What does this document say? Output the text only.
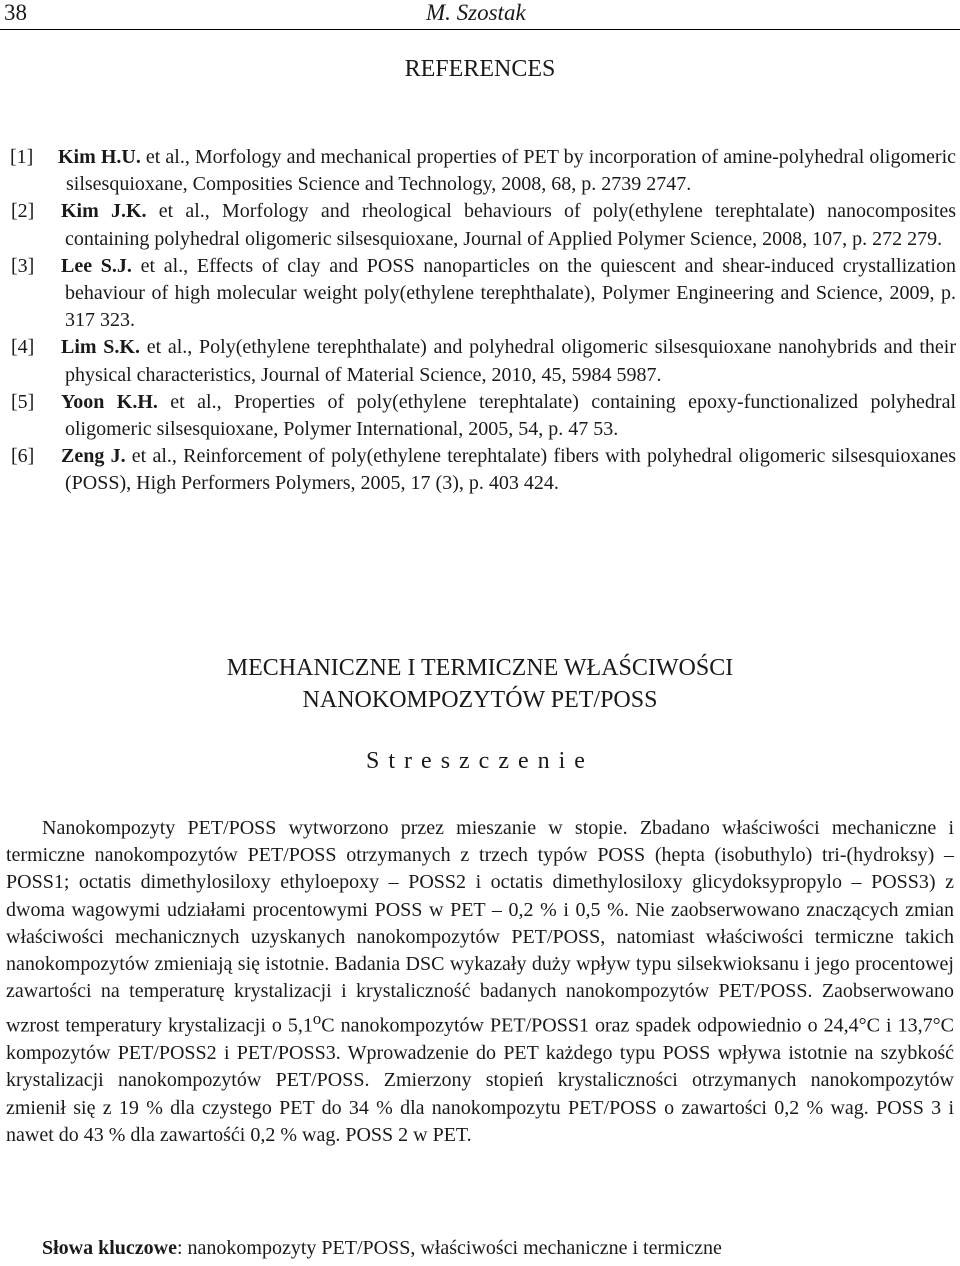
38	M. Szostak
REFERENCES
[1] Kim H.U. et al., Morfology and mechanical properties of PET by incorporation of amine-polyhedral oligomeric silsesquioxane, Composities Science and Technology, 2008, 68, p. 2739 2747.
[2] Kim J.K. et al., Morfology and rheological behaviours of poly(ethylene terephtalate) nanocomposites containing polyhedral oligomeric silsesquioxane, Journal of Applied Polymer Science, 2008, 107, p. 272 279.
[3] Lee S.J. et al., Effects of clay and POSS nanoparticles on the quiescent and shear-induced crystallization behaviour of high molecular weight poly(ethylene terephthalate), Polymer Engineering and Science, 2009, p. 317 323.
[4] Lim S.K. et al., Poly(ethylene terephthalate) and polyhedral oligomeric silsesquioxane nanohybrids and their physical characteristics, Journal of Material Science, 2010, 45, 5984 5987.
[5] Yoon K.H. et al., Properties of poly(ethylene terephtalate) containing epoxy-functionalized polyhedral oligomeric silsesquioxane, Polymer International, 2005, 54, p. 47 53.
[6] Zeng J. et al., Reinforcement of poly(ethylene terephtalate) fibers with polyhedral oligomeric silsesquioxanes (POSS), High Performers Polymers, 2005, 17 (3), p. 403 424.
MECHANICZNE I TERMICZNE WŁAŚCIWOŚCI
NANOKOMPOZYTÓW PET/POSS
Streszczenie

Nanokompozyty PET/POSS wytworzono przez mieszanie w stopie. Zbadano właściwości mechaniczne i termiczne nanokompozytów PET/POSS otrzymanych z trzech typów POSS (hepta (isobuthylo) tri-(hydroksy) – POSS1; octatis dimethylosiloxy ethyloepoxy – POSS2 i octatis dimethylosiloxy glicydoksypropylo – POSS3) z dwoma wagowymi udziałami procentowymi POSS w PET – 0,2 % i 0,5 %. Nie zaobserwowano znaczących zmian właściwości mechanicznych uzyskanych nanokompozytów PET/POSS, natomiast właściwości termiczne takich nanokompozytów zmieniają się istotnie. Badania DSC wykazały duży wpływ typu silsekwioksanu i jego procentowej zawartości na temperaturę krystalizacji i krystaliczność badanych nanokompozytów PET/POSS. Zaobserwowano wzrost temperatury krystalizacji o 5,1$^o$C nanokompozytów PET/POSS1 oraz spadek odpowiednio o 24,4°C i 13,7°C kompozytów PET/POSS2 i PET/POSS3. Wprowadzenie do PET każdego typu POSS wpływa istotnie na szybkość krystalizacji nanokompozytów PET/POSS. Zmierzony stopień krystaliczności otrzymanych nanokompozytów zmienił się z 19 % dla czystego PET do 34 % dla nanokompozytu PET/POSS o zawartości 0,2 % wag. POSS 3 i nawet do 43 % dla zawartośći 0,2 % wag. POSS 2 w PET.

Słowa kluczowe: nanokompozyty PET/POSS, właściwości mechaniczne i termiczne
